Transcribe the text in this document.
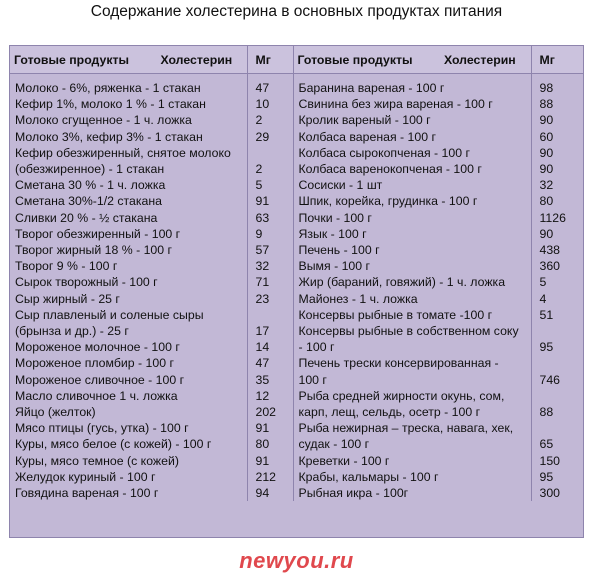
Содержание холестерина в основных продуктах питания
Готовые продукты Холестерин	Мг	Готовые продукты Холестерин	Мг

Молоко - 6%, ряженка - 1 стакан	47	Баранина вареная - 100 г	98
Кефир 1%, молоко 1 % - 1 стакан	10	Свинина без жира вареная - 100 г	88
Молоко сгущенное - 1 ч. ложка	2	Кролик вареный - 100 г	90
Молоко 3%, кефир 3% - 1 стакан	29	Колбаса вареная - 100 г	60
Кефир обезжиренный, снятое молоко		Колбаса сырокопченая - 100 г	90
(обезжиренное) - 1 стакан	2	Колбаса варенокопченая - 100 г	90
Сметана 30 % - 1 ч. ложка	5	Сосиски - 1 шт	32
Сметана 30%-1/2 стакана	91	Шпик, корейка, грудинка - 100 г	80
Сливки 20 % - ½ стакана	63	Почки - 100 г	1126
Творог обезжиренный - 100 г	9	Язык - 100 г	90
Творог жирный 18 % - 100 г	57	Печень - 100 г	438
Творог 9 % - 100 г	32	Вымя - 100 г	360
Сырок творожный - 100 г	71	Жир (бараний, говяжий) - 1 ч. ложка	5
Сыр жирный - 25 г	23	Майонез - 1 ч. ложка	4
Сыр плавленый и соленые сыры		Консервы рыбные в томате -100 г	51
(брынза и др.) - 25 г	17	Консервы рыбные в собственном соку	
Мороженое молочное - 100 г	14	- 100 г	95
Мороженое пломбир - 100 г	47	Печень трески консервированная -	
Мороженое сливочное - 100 г	35	100 г	746
Масло сливочное 1 ч. ложка	12	Рыба средней жирности окунь, сом,	
Яйцо (желток)	202	карп, лещ, сельдь, осетр - 100 г	88
Мясо птицы (гусь, утка) - 100 г	91	Рыба нежирная – треска, навага, хек,	
Куры, мясо белое (с кожей) - 100 г	80	судак - 100 г	65
Куры, мясо темное (с кожей)	91	Креветки - 100 г	150
Желудок куриный - 100 г	212	Крабы, кальмары - 100 г	95
Говядина вареная - 100 г	94	Рыбная икра - 100г	300
newyou.ru
